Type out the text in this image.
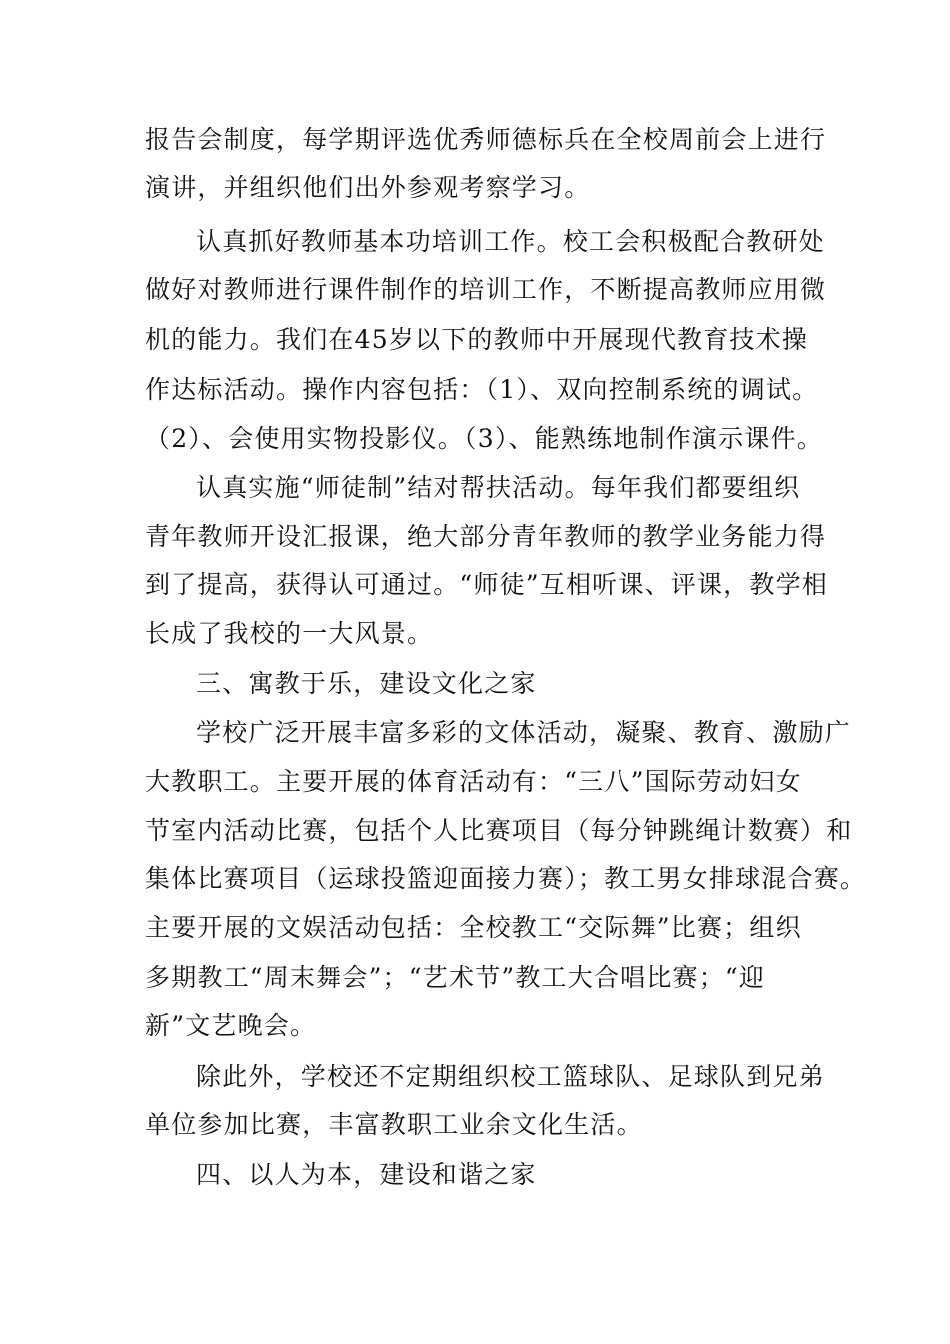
报告会制度，每学期评选优秀师德标兵在全校周前会上进行
演讲，并组织他们出外参观考察学习。
认真抓好教师基本功培训工作。校工会积极配合教研处
做好对教师进行课件制作的培训工作，不断提高教师应用微
机的能力。我们在45岁以下的教师中开展现代教育技术操
作达标活动。操作内容包括：（1）、双向控制系统的调试。
（2）、会使用实物投影仪。（3）、能熟练地制作演示课件。
认真实施“师徒制”结对帮扶活动。每年我们都要组织
青年教师开设汇报课，绝大部分青年教师的教学业务能力得
到了提高，获得认可通过。“师徒”互相听课、评课，教学相
长成了我校的一大风景。
三、寓教于乐，建设文化之家
学校广泛开展丰富多彩的文体活动，凝聚、教育、激励广
大教职工。主要开展的体育活动有：“三八”国际劳动妇女
节室内活动比赛，包括个人比赛项目（每分钟跳绳计数赛）和
集体比赛项目（运球投篮迎面接力赛）；教工男女排球混合赛。
主要开展的文娱活动包括：全校教工“交际舞”比赛；组织
多期教工“周末舞会”；“艺术节”教工大合唱比赛；“迎
新”文艺晚会。
除此外，学校还不定期组织校工篮球队、足球队到兄弟
单位参加比赛，丰富教职工业余文化生活。
四、以人为本，建设和谐之家
